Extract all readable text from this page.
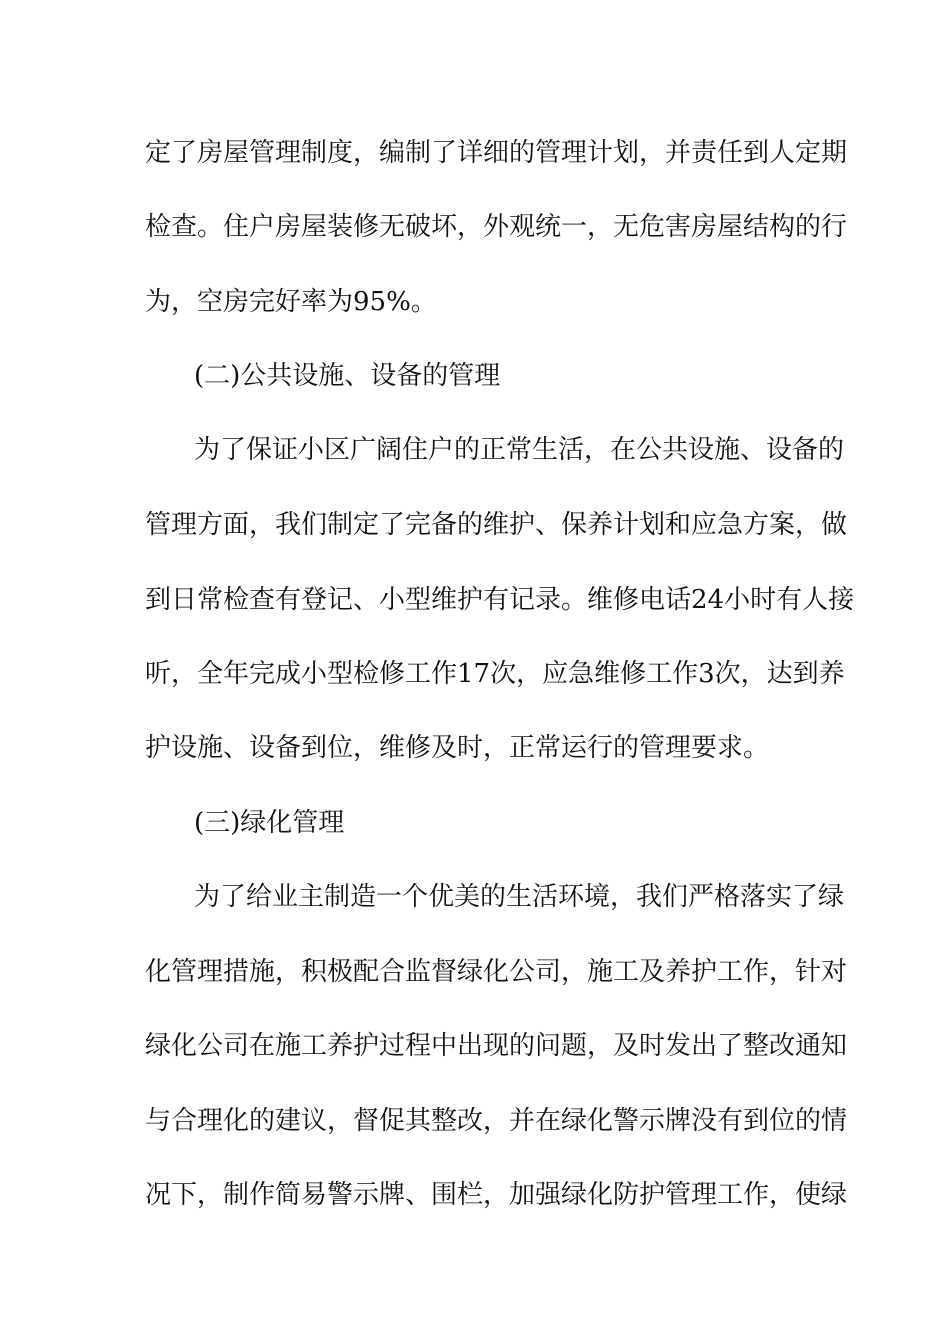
定了房屋管理制度，编制了详细的管理计划，并责任到人定期
检查。住户房屋装修无破坏，外观统一，无危害房屋结构的行
为，空房完好率为95%。
(二)公共设施、设备的管理
为了保证小区广阔住户的正常生活，在公共设施、设备的
管理方面，我们制定了完备的维护、保养计划和应急方案，做
到日常检查有登记、小型维护有记录。维修电话24小时有人接
听，全年完成小型检修工作17次，应急维修工作3次，达到养
护设施、设备到位，维修及时，正常运行的管理要求。
(三)绿化管理
为了给业主制造一个优美的生活环境，我们严格落实了绿
化管理措施，积极配合监督绿化公司，施工及养护工作，针对
绿化公司在施工养护过程中出现的问题，及时发出了整改通知
与合理化的建议，督促其整改，并在绿化警示牌没有到位的情
况下，制作简易警示牌、围栏，加强绿化防护管理工作，使绿
